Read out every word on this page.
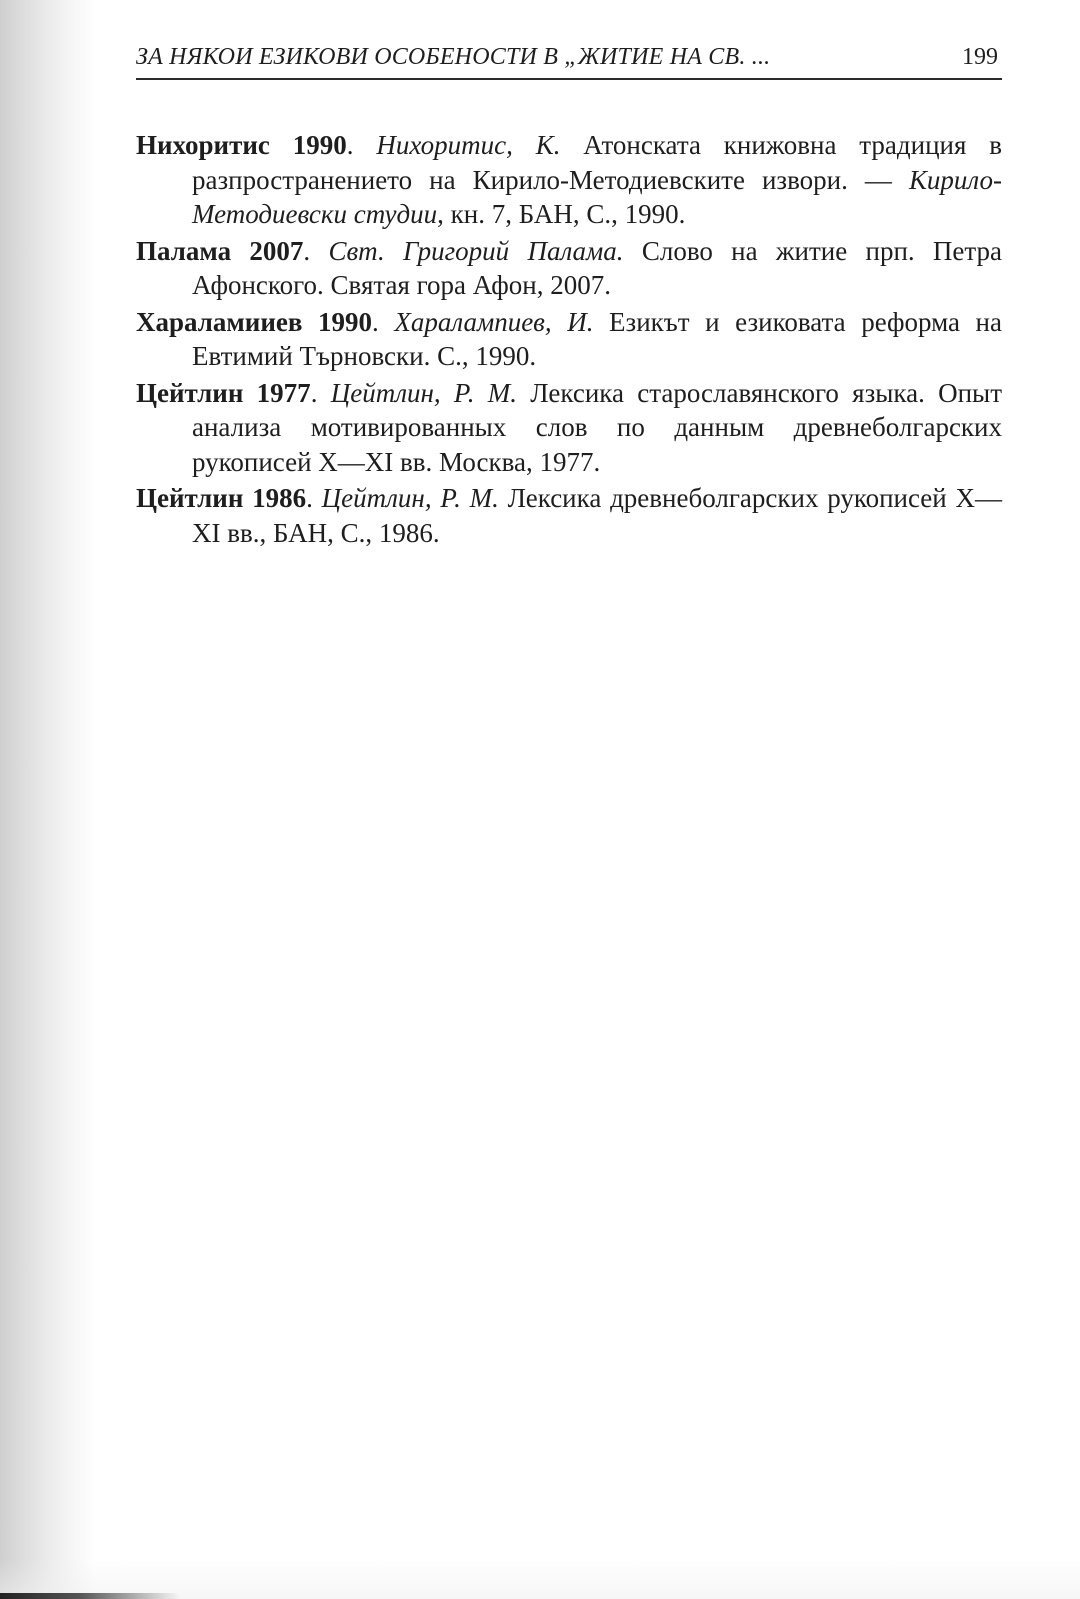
ЗА НЯКОИ ЕЗИКОВИ ОСОБЕНОСТИ В „ЖИТИЕ НА СВ. ...	199

Нихоритис 1990. Нихоритис, К. Атонската книжовна традиция в разпространението на Кирило-Методиевските извори. — Кирило-Методиевски студии, кн. 7, БАН, С., 1990.

Палама 2007. Свт. Григорий Палама. Слово на житие прп. Петра Афонского. Святая гора Афон, 2007.

Хараламииев 1990. Харалампиев, И. Езикът и езиковата реформа на Евтимий Търновски. С., 1990.

Цейтлин 1977. Цейтлин, Р. М. Лексика старославянского языка. Опыт анализа мотивированных слов по данным древнеболгарских рукописей Х—XI вв. Москва, 1977.

Цейтлин 1986. Цейтлин, Р. М. Лексика древнеболгарских рукописей Х—XI вв., БАН, С., 1986.
